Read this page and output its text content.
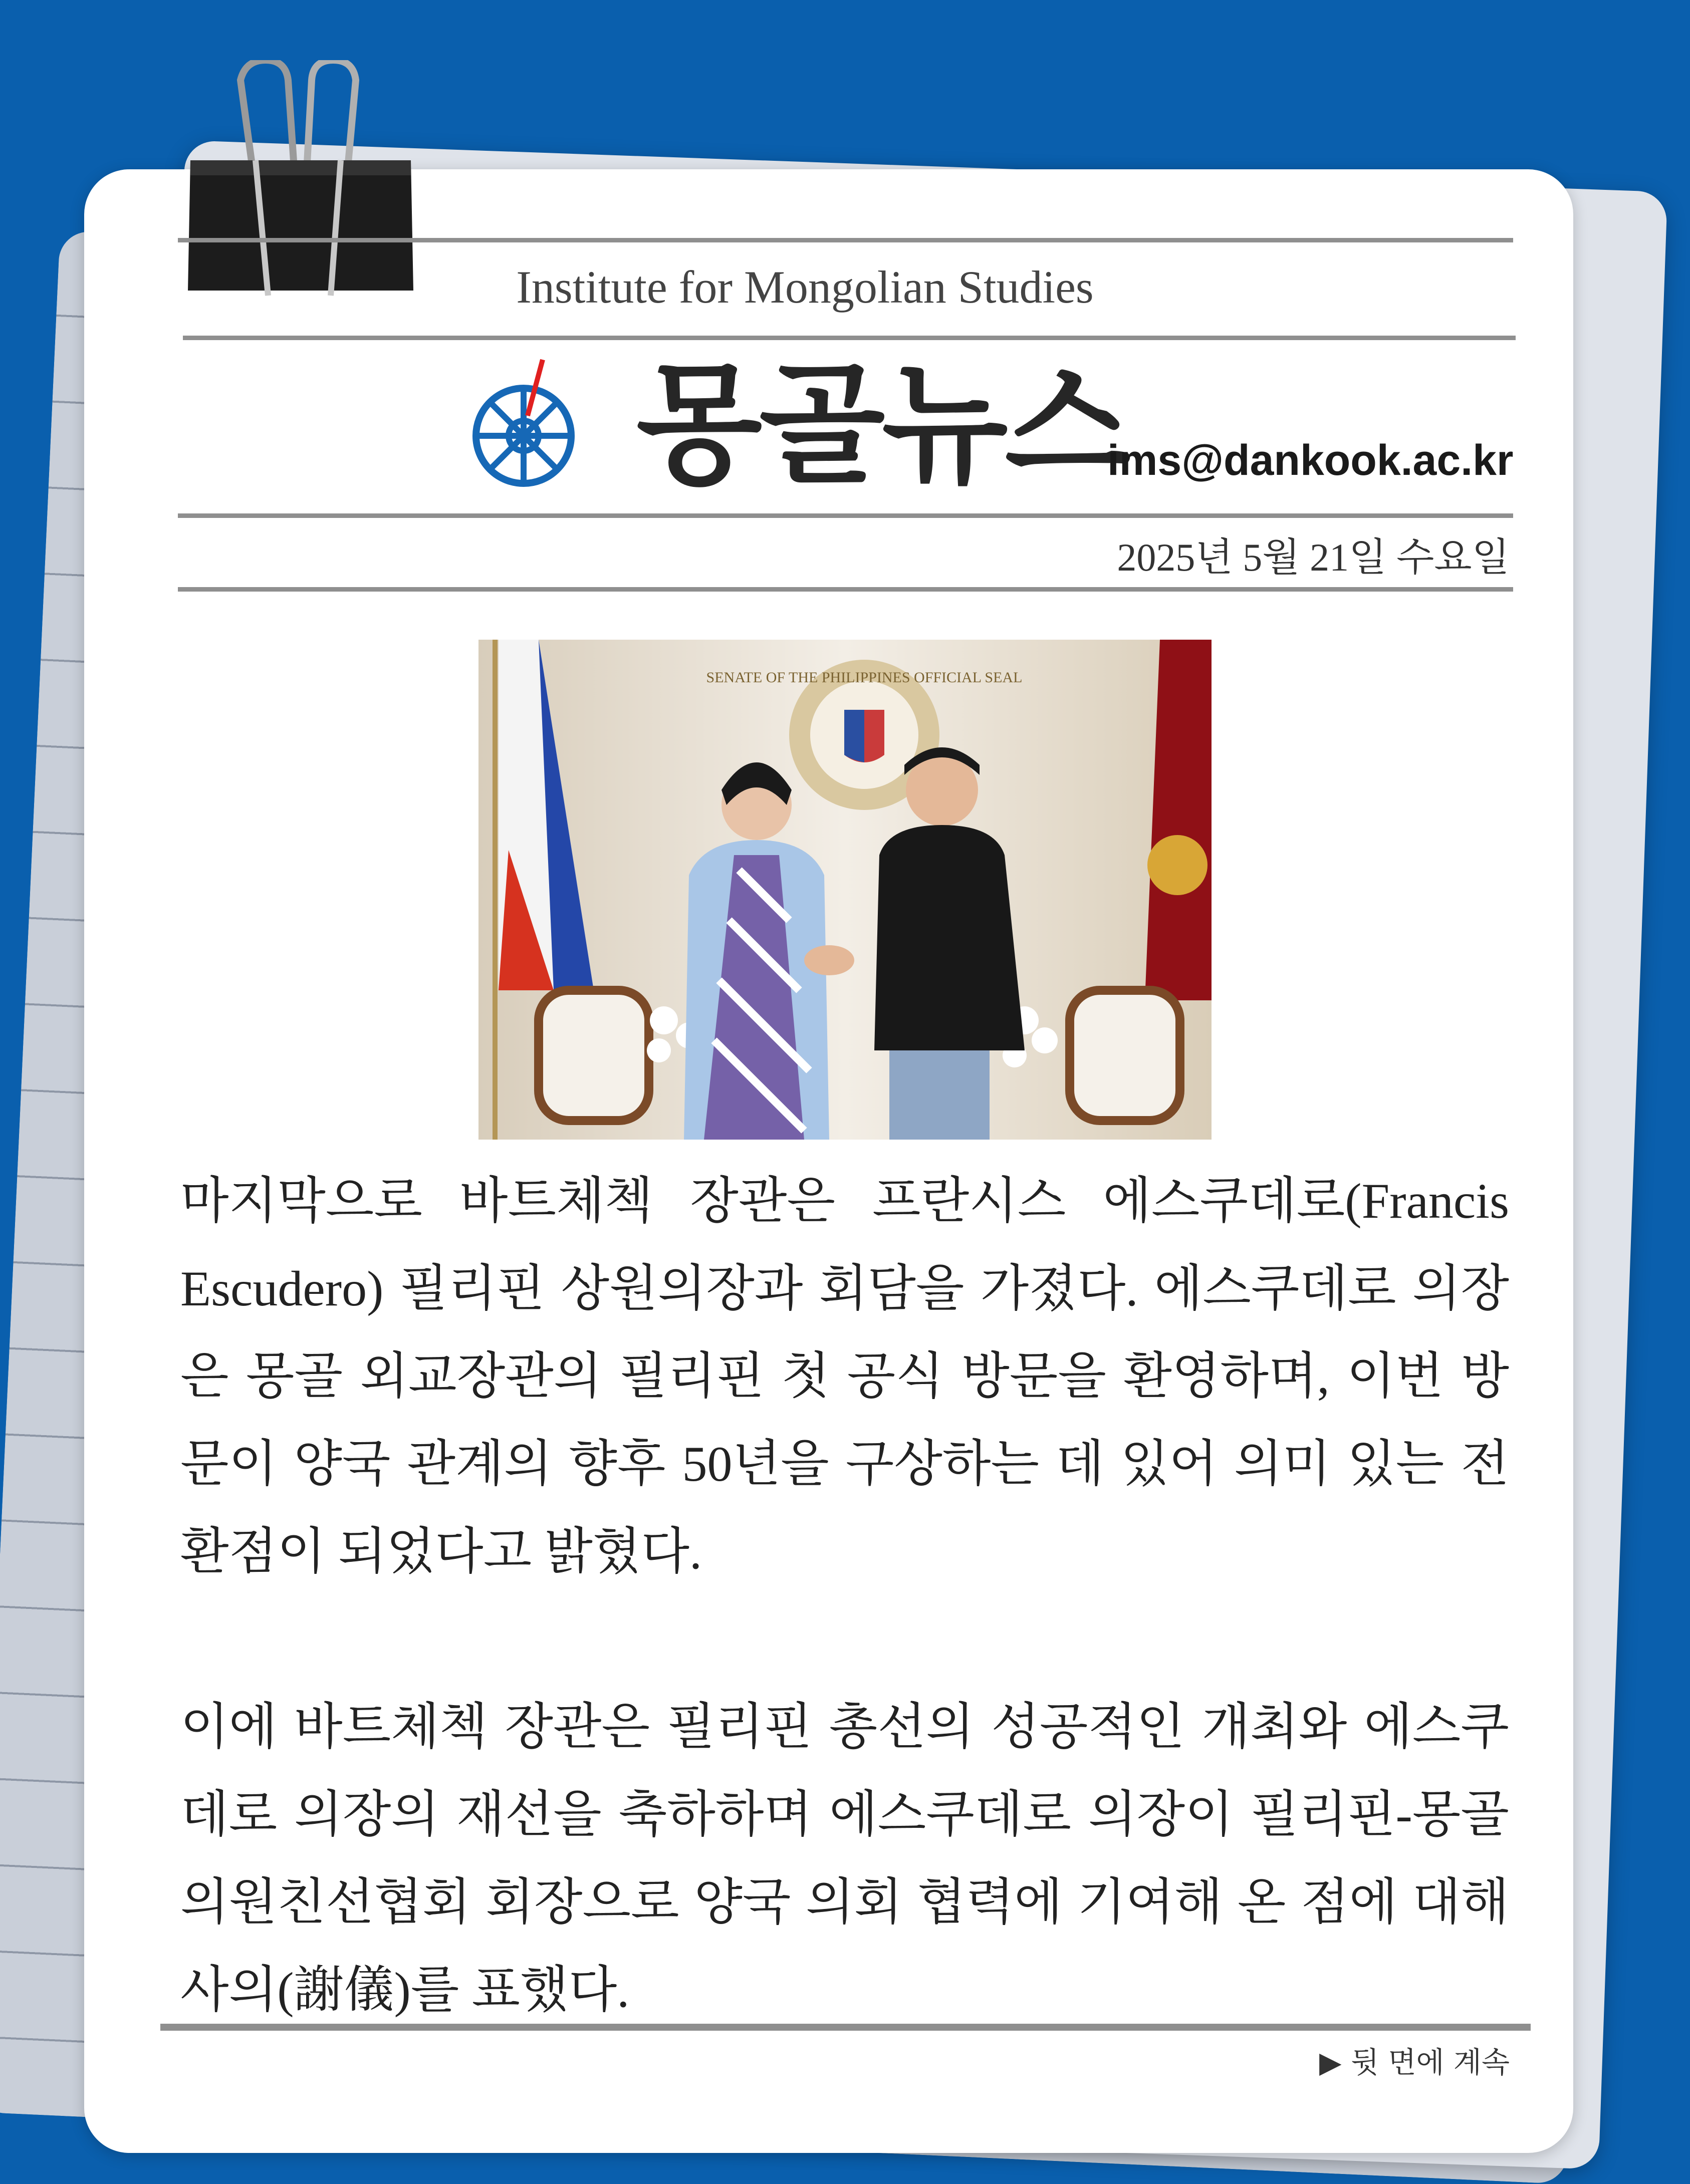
Institute for Mongolian Studies
몽골뉴스
ims@dankook.ac.kr
2025년 5월 21일 수요일
SENATE OF THE PHILIPPINES OFFICIAL SEAL

마지막으로 바트체첵 장관은 프란시스 에스쿠데로(Francis Escudero) 필리핀 상원의장과 회담을 가졌다. 에스쿠데로 의장은 몽골 외교장관의 필리핀 첫 공식 방문을 환영하며, 이번 방문이 양국 관계의 향후 50년을 구상하는 데 있어 의미 있는 전환점이 되었다고 밝혔다.

이에 바트체첵 장관은 필리핀 총선의 성공적인 개최와 에스쿠데로 의장의 재선을 축하하며 에스쿠데로 의장이 필리핀-몽골 의원친선협회 회장으로 양국 의회 협력에 기여해 온 점에 대해 사의(謝儀)를 표했다.

▶ 뒷 면에 계속
